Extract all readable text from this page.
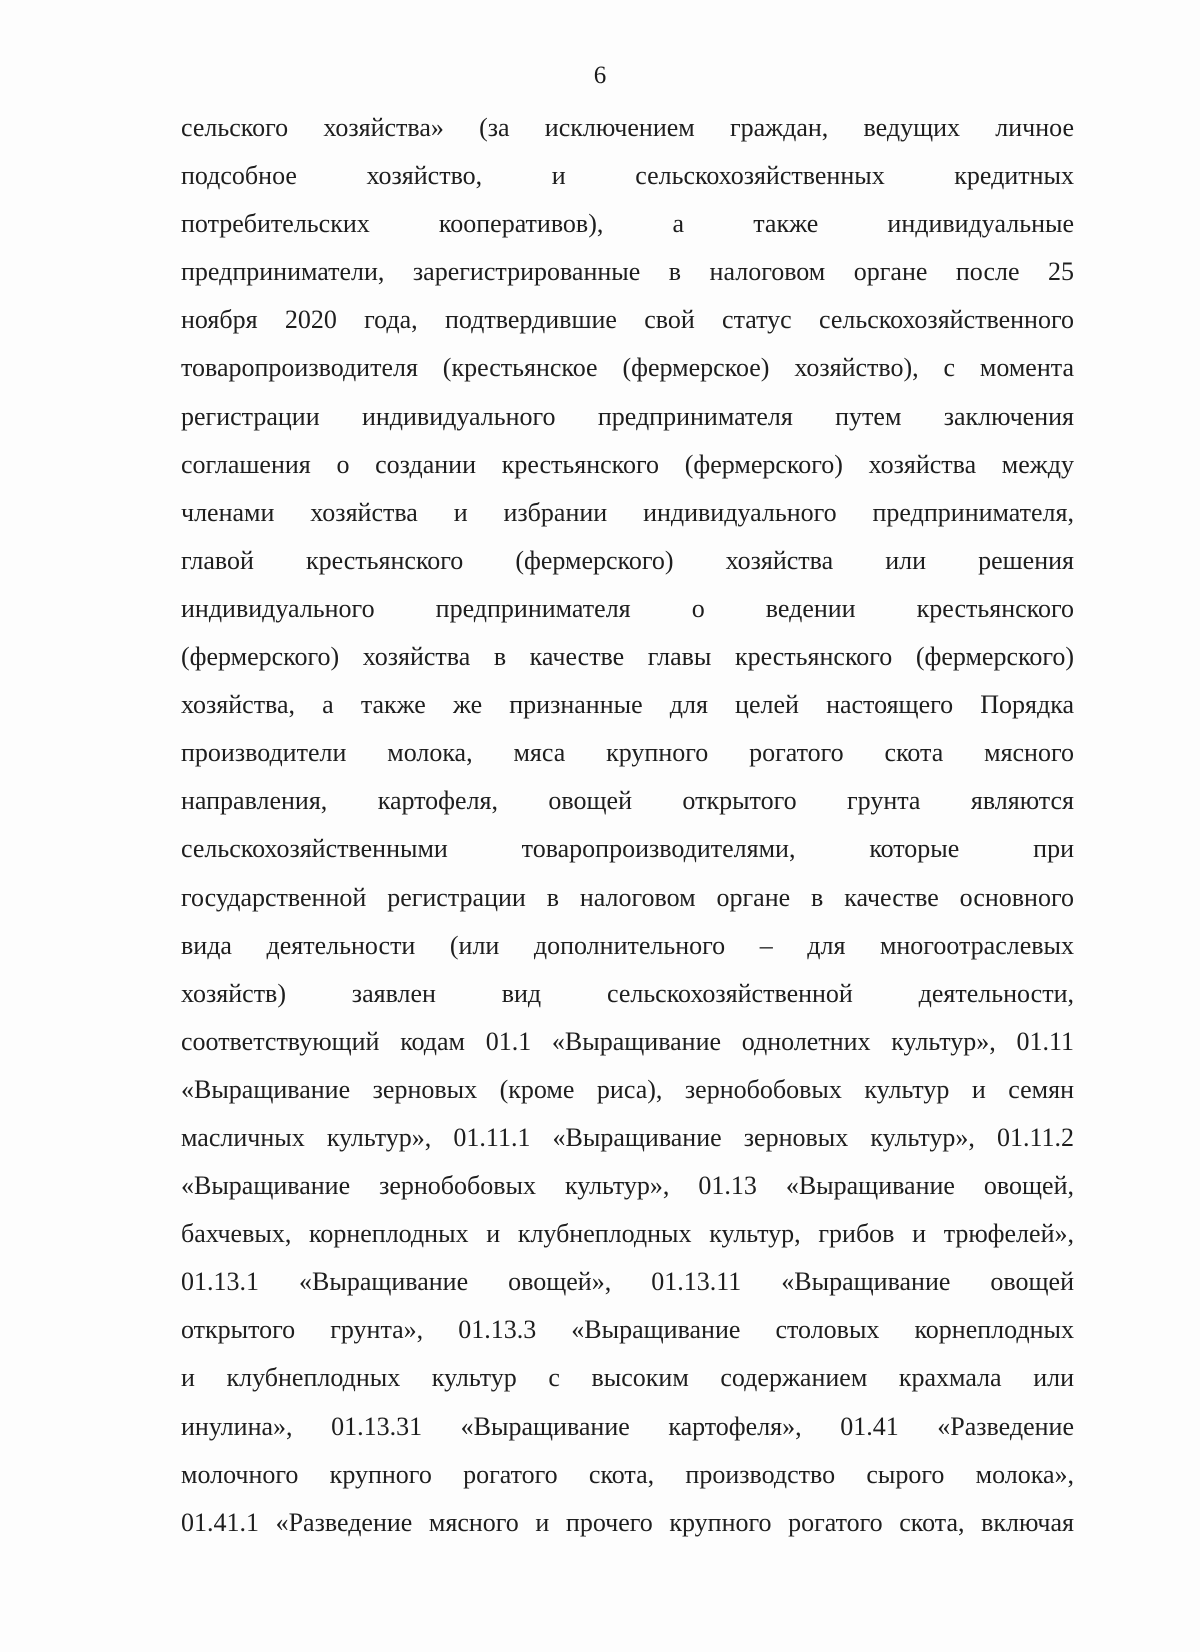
6
сельского хозяйства» (за исключением граждан, ведущих личное
подсобное хозяйство, и сельскохозяйственных кредитных
потребительских кооперативов), а также индивидуальные
предприниматели, зарегистрированные в налоговом органе после 25
ноября 2020 года, подтвердившие свой статус сельскохозяйственного
товаропроизводителя (крестьянское (фермерское) хозяйство), с момента
регистрации индивидуального предпринимателя путем заключения
соглашения о создании крестьянского (фермерского) хозяйства между
членами хозяйства и избрании индивидуального предпринимателя,
главой крестьянского (фермерского) хозяйства или решения
индивидуального предпринимателя о ведении крестьянского
(фермерского) хозяйства в качестве главы крестьянского (фермерского)
хозяйства, а также же признанные для целей настоящего Порядка
производители молока, мяса крупного рогатого скота мясного
направления, картофеля, овощей открытого грунта являются
сельскохозяйственными товаропроизводителями, которые при
государственной регистрации в налоговом органе в качестве основного
вида деятельности (или дополнительного – для многоотраслевых
хозяйств) заявлен вид сельскохозяйственной деятельности,
соответствующий кодам 01.1 «Выращивание однолетних культур», 01.11
«Выращивание зерновых (кроме риса), зернобобовых культур и семян
масличных культур», 01.11.1 «Выращивание зерновых культур», 01.11.2
«Выращивание зернобобовых культур», 01.13 «Выращивание овощей,
бахчевых, корнеплодных и клубнеплодных культур, грибов и трюфелей»,
01.13.1 «Выращивание овощей», 01.13.11 «Выращивание овощей
открытого грунта», 01.13.3 «Выращивание столовых корнеплодных
и клубнеплодных культур с высоким содержанием крахмала или
инулина», 01.13.31 «Выращивание картофеля», 01.41 «Разведение
молочного крупного рогатого скота, производство сырого молока»,
01.41.1 «Разведение мясного и прочего крупного рогатого скота, включая
